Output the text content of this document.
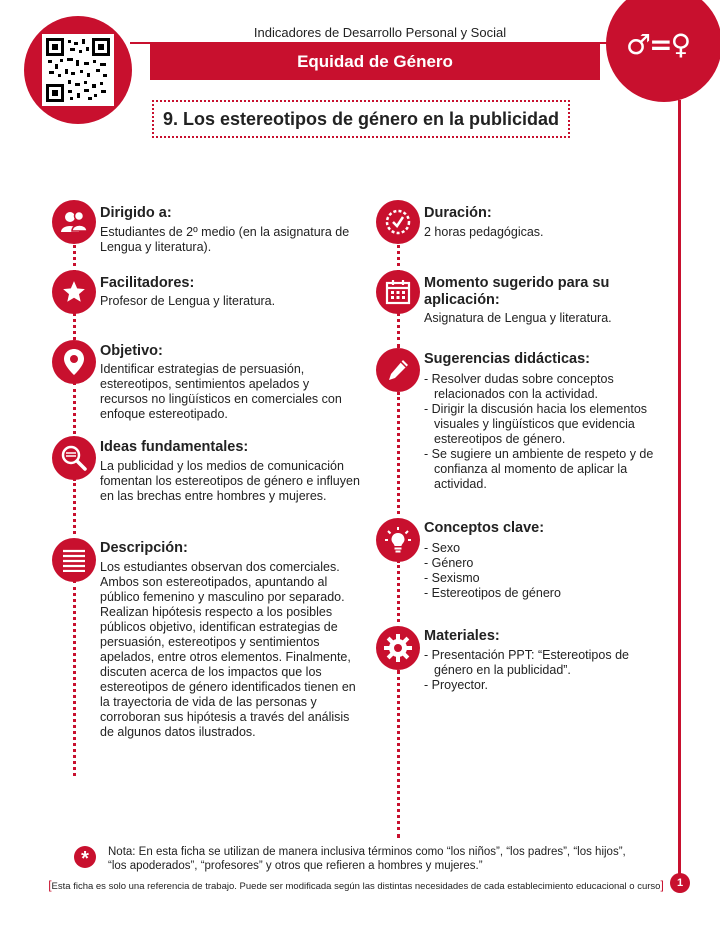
Indicadores de Desarrollo Personal y Social
Equidad de Género
♂=♀
9. Los estereotipos de género en la publicidad
Dirigido a:

Estudiantes de 2º medio (en la asignatura de Lengua y literatura).

Facilitadores:

Profesor de Lengua y literatura.

Objetivo:

Identificar estrategias de persuasión, estereotipos, sentimientos apelados y recursos no lingüísticos en comerciales con enfoque estereotipado.

Ideas fundamentales:

La publicidad y los medios de comunicación fomentan los estereotipos de género e influyen en las brechas entre hombres y mujeres.

Descripción:

Los estudiantes observan dos comerciales. Ambos son estereotipados, apuntando al público femenino y masculino por separado. Realizan hipótesis respecto a los posibles públicos objetivo, identifican estrategias de persuasión, estereotipos y sentimientos apelados, entre otros elementos. Finalmente, discuten acerca de los impactos que los estereotipos de género identificados tienen en la trayectoria de vida de las personas y corroboran sus hipótesis a través del análisis de algunos datos ilustrados.

Duración:

2 horas pedagógicas.

Momento sugerido para su aplicación:

Asignatura de Lengua y literatura.

Sugerencias didácticas:
- Resolver dudas sobre conceptos relacionados con la actividad.
- Dirigir la discusión hacia los elementos visuales y lingüísticos que evidencia estereotipos de género.
- Se sugiere un ambiente de respeto y de confianza al momento de aplicar la actividad.
Conceptos clave:
- Sexo
- Género
- Sexismo
- Estereotipos de género
Materiales:
- Presentación PPT: “Estereotipos de género en la publicidad”.
- Proyector.
*	Nota: En esta ficha se utilizan de manera inclusiva términos como “los niños”, “los padres”, “los hijos”, “los apoderados”, “profesores” y otros que refieren a hombres y mujeres.”
[Esta ficha es solo una referencia de trabajo. Puede ser modificada según las distintas necesidades de cada establecimiento educacional o curso]	1
